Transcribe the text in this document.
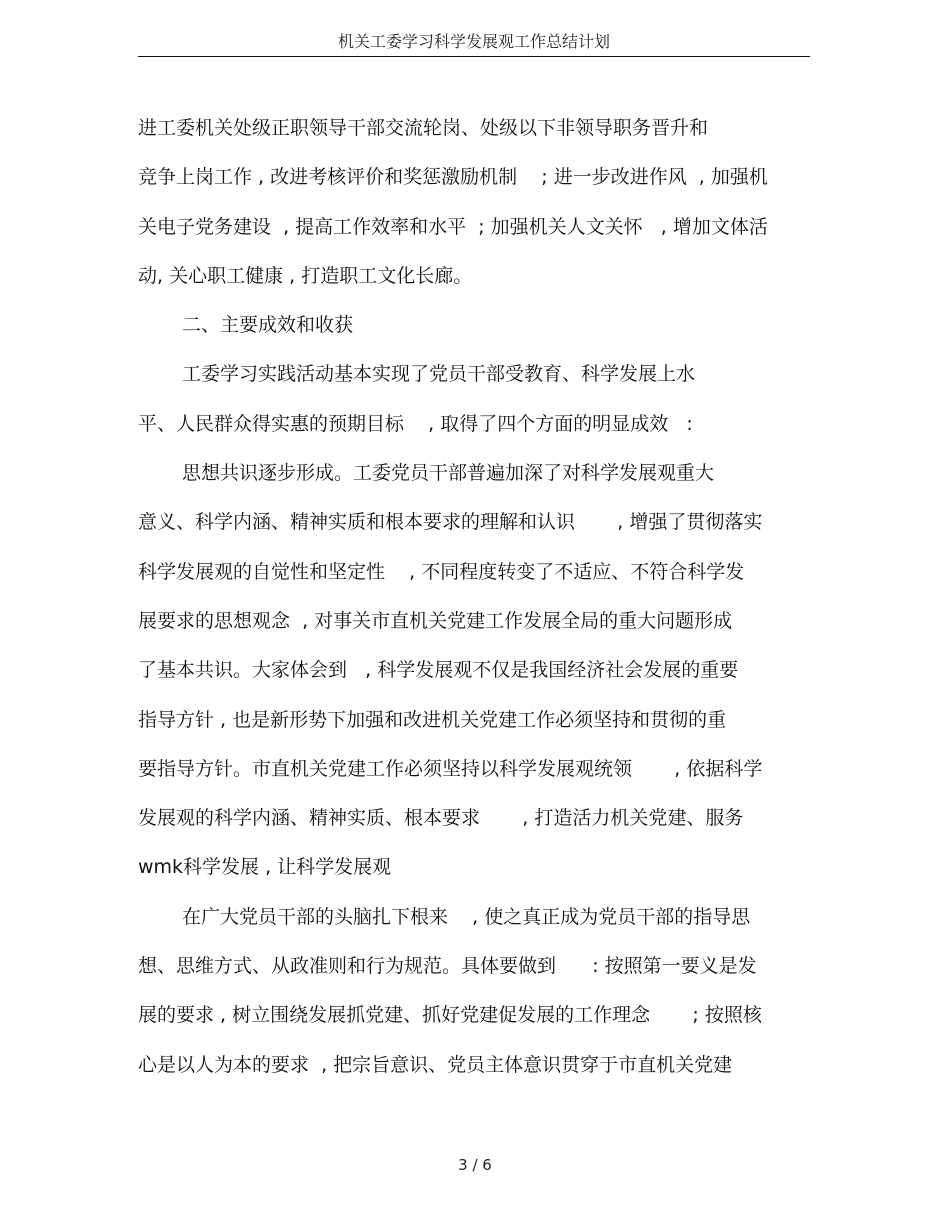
机关工委学习科学发展观工作总结计划
进工委机关处级正职领导干部交流轮岗、处级以下非领导职务晋升和
竞争上岗工作 , 改进考核评价和奖惩激励机制    ; 进一步改进作风  , 加强机
关电子党务建设  , 提高工作效率和水平  ; 加强机关人文关怀   , 增加文体活
动, 关心职工健康 , 打造职工文化长廊。
二、主要成效和收获
工委学习实践活动基本实现了党员干部受教育、科学发展上水
平、人民群众得实惠的预期目标    , 取得了四个方面的明显成效   :
思想共识逐步形成。工委党员干部普遍加深了对科学发展观重大
意义、科学内涵、精神实质和根本要求的理解和认识       , 增强了贯彻落实
科学发展观的自觉性和坚定性    , 不同程度转变了不适应、不符合科学发
展要求的思想观念  , 对事关市直机关党建工作发展全局的重大问题形成
了基本共识。大家体会到   , 科学发展观不仅是我国经济社会发展的重要
指导方针 , 也是新形势下加强和改进机关党建工作必须坚持和贯彻的重
要指导方针。市直机关党建工作必须坚持以科学发展观统领       , 依据科学
发展观的科学内涵、精神实质、根本要求       , 打造活力机关党建、服务
wmk科学发展 , 让科学发展观
在广大党员干部的头脑扎下根来    , 使之真正成为党员干部的指导思
想、思维方式、从政准则和行为规范。具体要做到      : 按照第一要义是发
展的要求 , 树立围绕发展抓党建、抓好党建促发展的工作理念       ; 按照核
心是以人为本的要求  , 把宗旨意识、党员主体意识贯穿于市直机关党建
3 / 6
